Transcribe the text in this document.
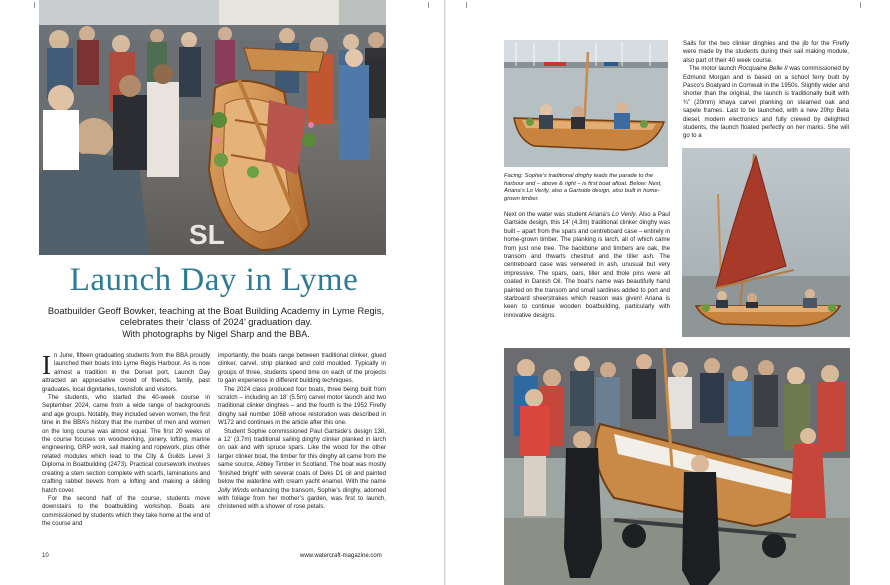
SL
Launch Day in Lyme

Boatbuilder Geoff Bowker, teaching at the Boat Building Academy in Lyme Regis, celebrates their ‘class of 2024’ graduation day.

With photographs by Nigel Sharp and the BBA.

In June, fifteen graduating students from the BBA proudly launched their boats into Lyme Regis Harbour. As is now almost a tradition in the Dorset port, Launch Day attracted an appreciative crowd of friends, family, past graduates, local dignitaries, townsfolk and visitors.

The students, who started the 40-week course in September 2024, came from a wide range of backgrounds and age groups. Notably, they included seven women, the first time in the BBA’s history that the number of men and women on the long course was almost equal. The first 20 weeks of the course focuses on woodworking, joinery, lofting, marine engineering, GRP work, sail making and ropework, plus other related modules which lead to the City & Guilds Level 3 Diploma in Boatbuilding (2473). Practical coursework involves creating a stem section complete with scarfs, laminations and crafting rabbet bevels from a lofting and making a sliding hatch cover.

For the second half of the course, students move downstairs to the boatbuilding workshop. Boats are commissioned by students which they take home at the end of the course and

importantly, the boats range between traditional clinker, glued clinker, carvel, strip planked and cold moulded. Typically in groups of three, students spend time on each of the projects to gain experience in different building techniques.

The 2024 class produced four boats, three being built from scratch – including an 18’ (5.5m) carvel motor launch and two traditional clinker dinghies – and the fourth is the 1952 Firefly dinghy sail number 1068 whose restoration was described in W172 and continues in the article after this one.

Student Sophie commissioned Paul Gartside’s design 130, a 12’ (3.7m) traditional sailing dinghy clinker planked in larch on oak and with spruce spars. Like the wood for the other larger clinker boat, the timber for this dinghy all came from the same source, Abbey Timber in Scotland. The boat was mostly ‘finished bright’ with several coats of Deks D1 oil and painted below the waterline with cream yacht enamel. With the name Jolly Winds enhancing the transom, Sophie’s dinghy, adorned with foliage from her mother’s garden, was first to launch, christened with a shower of rose petals.

10	www.watercraft-magazine.com

Facing: Sophie’s traditional dinghy leads the parade to the harbour and – above & right – is first boat afloat. Below: Next, Ariana’s Lo Verily, also a Gartside design, also built in home-grown timber.

Next on the water was student Ariana’s Lo Verily. Also a Paul Gartside design, this 14’ (4.3m) traditional clinker dinghy was built – apart from the spars and centreboard case – entirely in home-grown timber. The planking is larch, all of which came from just one tree. The backbone and timbers are oak, the transom and thwarts chestnut and the tiller ash. The centreboard case was veneered in ash, unusual but very impressive. The spars, oars, tiller and thole pins were all coated in Danish Oil. The boat’s name was beautifully hand painted on the transom and small sardines added to port and starboard sheerstrakes which reason was given! Ariana is keen to continue wooden boatbuilding, particularly with innovative designs.

Sails for the two clinker dinghies and the jib for the Firefly were made by the students during their sail making module, also part of their 40 week course.

The motor launch Rocquaine Belle II was commissioned by Edmund Morgan and is based on a school ferry built by Pasco’s Boatyard in Cornwall in the 1950s. Slightly wider and shorter than the original, the launch is traditionally built with ¾” (20mm) khaya carvel planking on steamed oak and sapele frames. Last to be launched, with a new 20hp Beta diesel, modern electronics and fully crewed by delighted students, the launch floated perfectly on her marks. She will go to a
